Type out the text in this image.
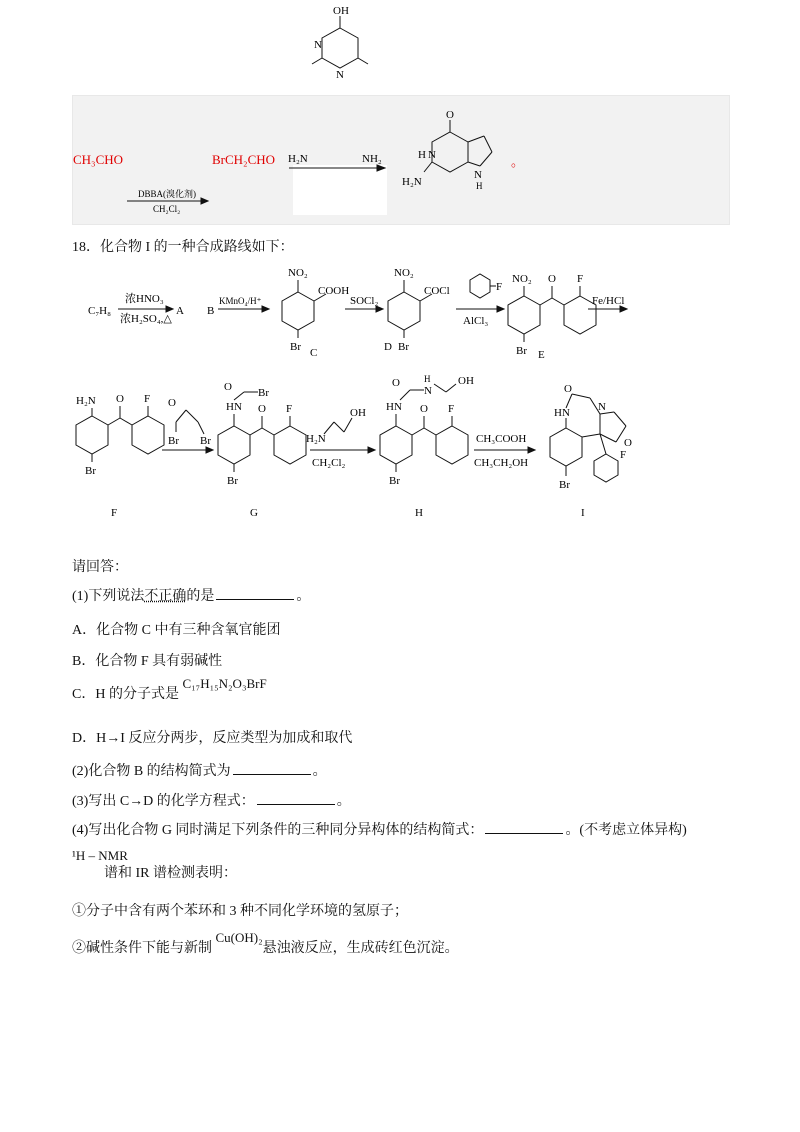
CH₃CHO	BrCH₂CHO
OH
N
N
H₂N	NH₂
O
H N
N
H
H₂N
。
DBBA(溴化剂)
CH₂Cl₂
18．化合物 I 的一种合成路线如下：
C₇H₈
浓HNO₃
浓H₂SO₄,△
A
KMnO₄/H⁺
B
NO₂
COOH
Br C
SOCl₂
NO₂
COCl
Br
D
F
AlCl₃
NO₂ O F
Br E
Fe/HCl
H₂N O F
Br
F
O
Br Br
O Br
HN O F
Br
G
H₂N
OH
CH₂Cl₂
O	H
N
OH
HN O F
Br
H
CH₃COOH
CH₃CH₂OH
O
HN	N
O
F
Br
I
请回答：
(1)下列说法不正确的是	。
A．化合物 C 中有三种含氧官能团
B．化合物 F 具有弱碱性
C．H 的分子式是 C₁₇H₁₅N₂O₃BrF
D．H→I 反应分两步，反应类型为加成和取代
(2)化合物 B 的结构简式为	。
(3)写出 C→D 的化学方程式：	。
(4)写出化合物 G 同时满足下列条件的三种同分异构体的结构简式：	。(不考虑立体异构)
¹H – NMR
谱和 IR 谱检测表明：
①分子中含有两个苯环和 3 种不同化学环境的氢原子；
②碱性条件下能与新制 Cu(OH)₂悬浊液反应，生成砖红色沉淀。
